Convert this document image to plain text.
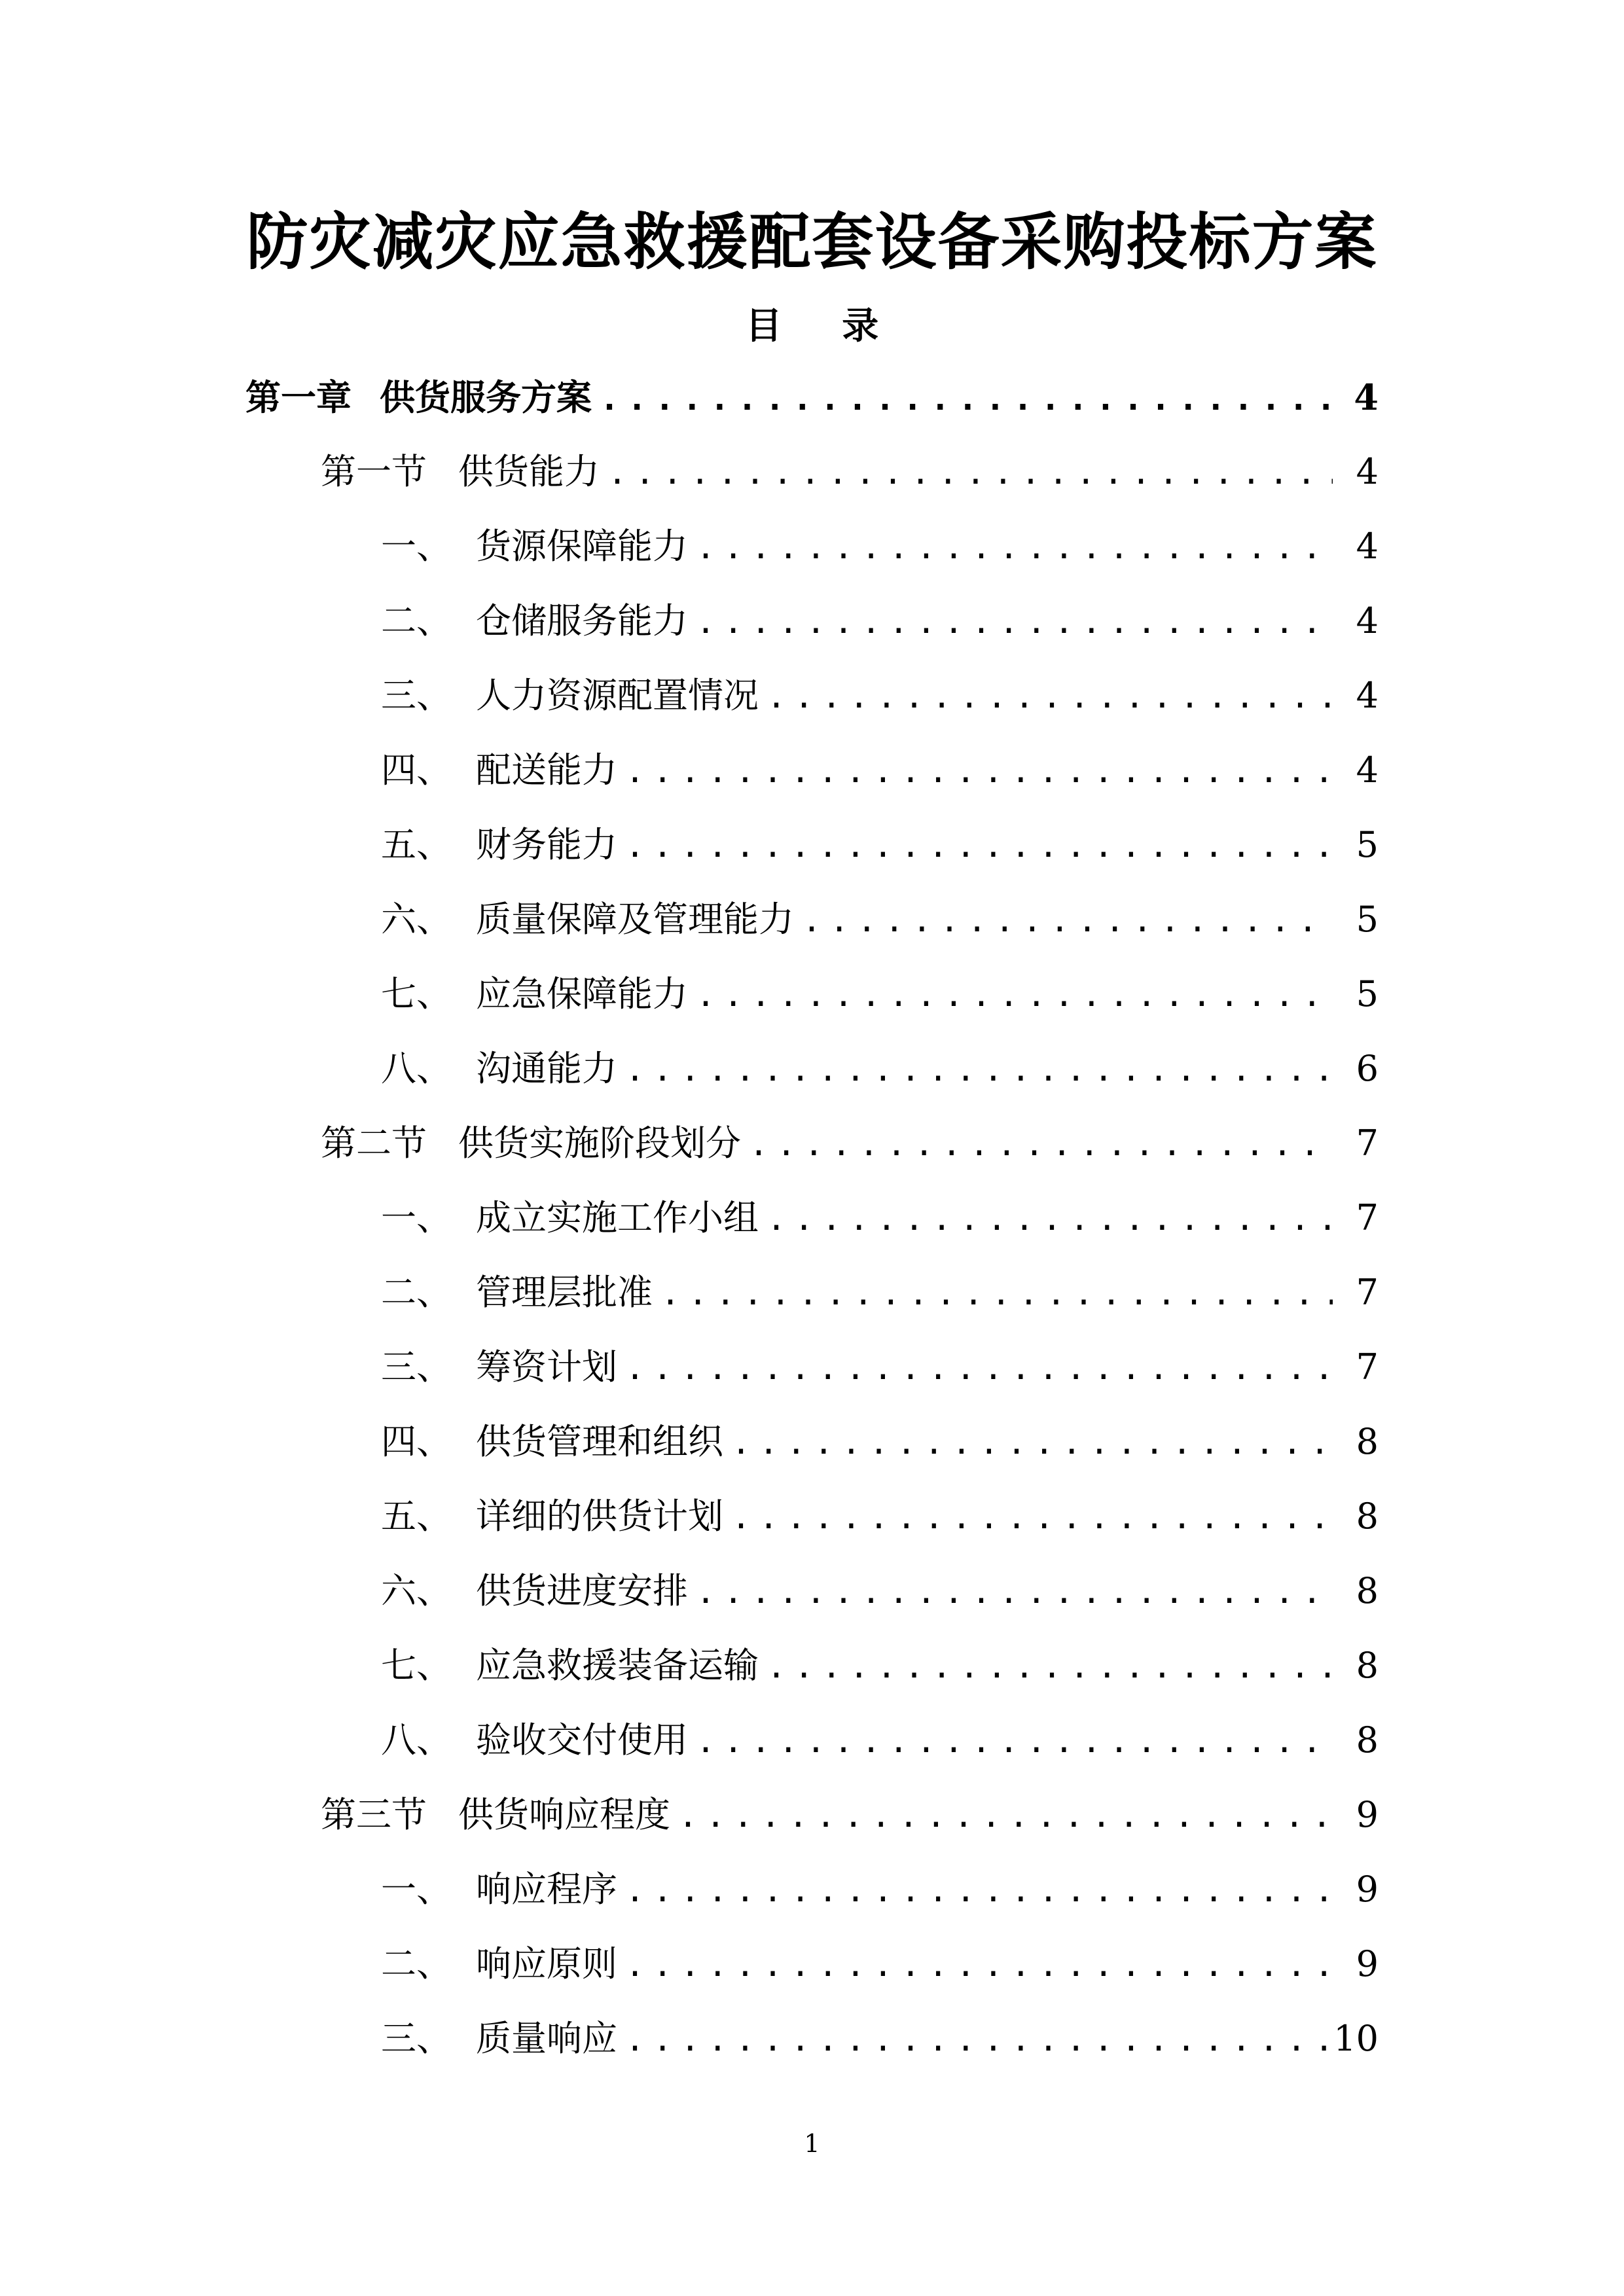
防灾减灾应急救援配套设备采购投标方案
目 录
第一章 供货服务方案 .....	4
第一节 供货能力 .....	4
一、 货源保障能力 .....	4
二、 仓储服务能力 .....	4
三、 人力资源配置情况 .....	4
四、 配送能力 .....	4
五、 财务能力 .....	5
六、 质量保障及管理能力 .....	5
七、 应急保障能力 .....	5
八、 沟通能力 .....	6
第二节 供货实施阶段划分 .....	7
一、 成立实施工作小组 .....	7
二、 管理层批准 .....	7
三、 筹资计划 .....	7
四、 供货管理和组织 .....	8
五、 详细的供货计划 .....	8
六、 供货进度安排 .....	8
七、 应急救援装备运输 .....	8
八、 验收交付使用 .....	8
第三节 供货响应程度 .....	9
一、 响应程序 .....	9
二、 响应原则 .....	9
三、 质量响应 .....	10
1
